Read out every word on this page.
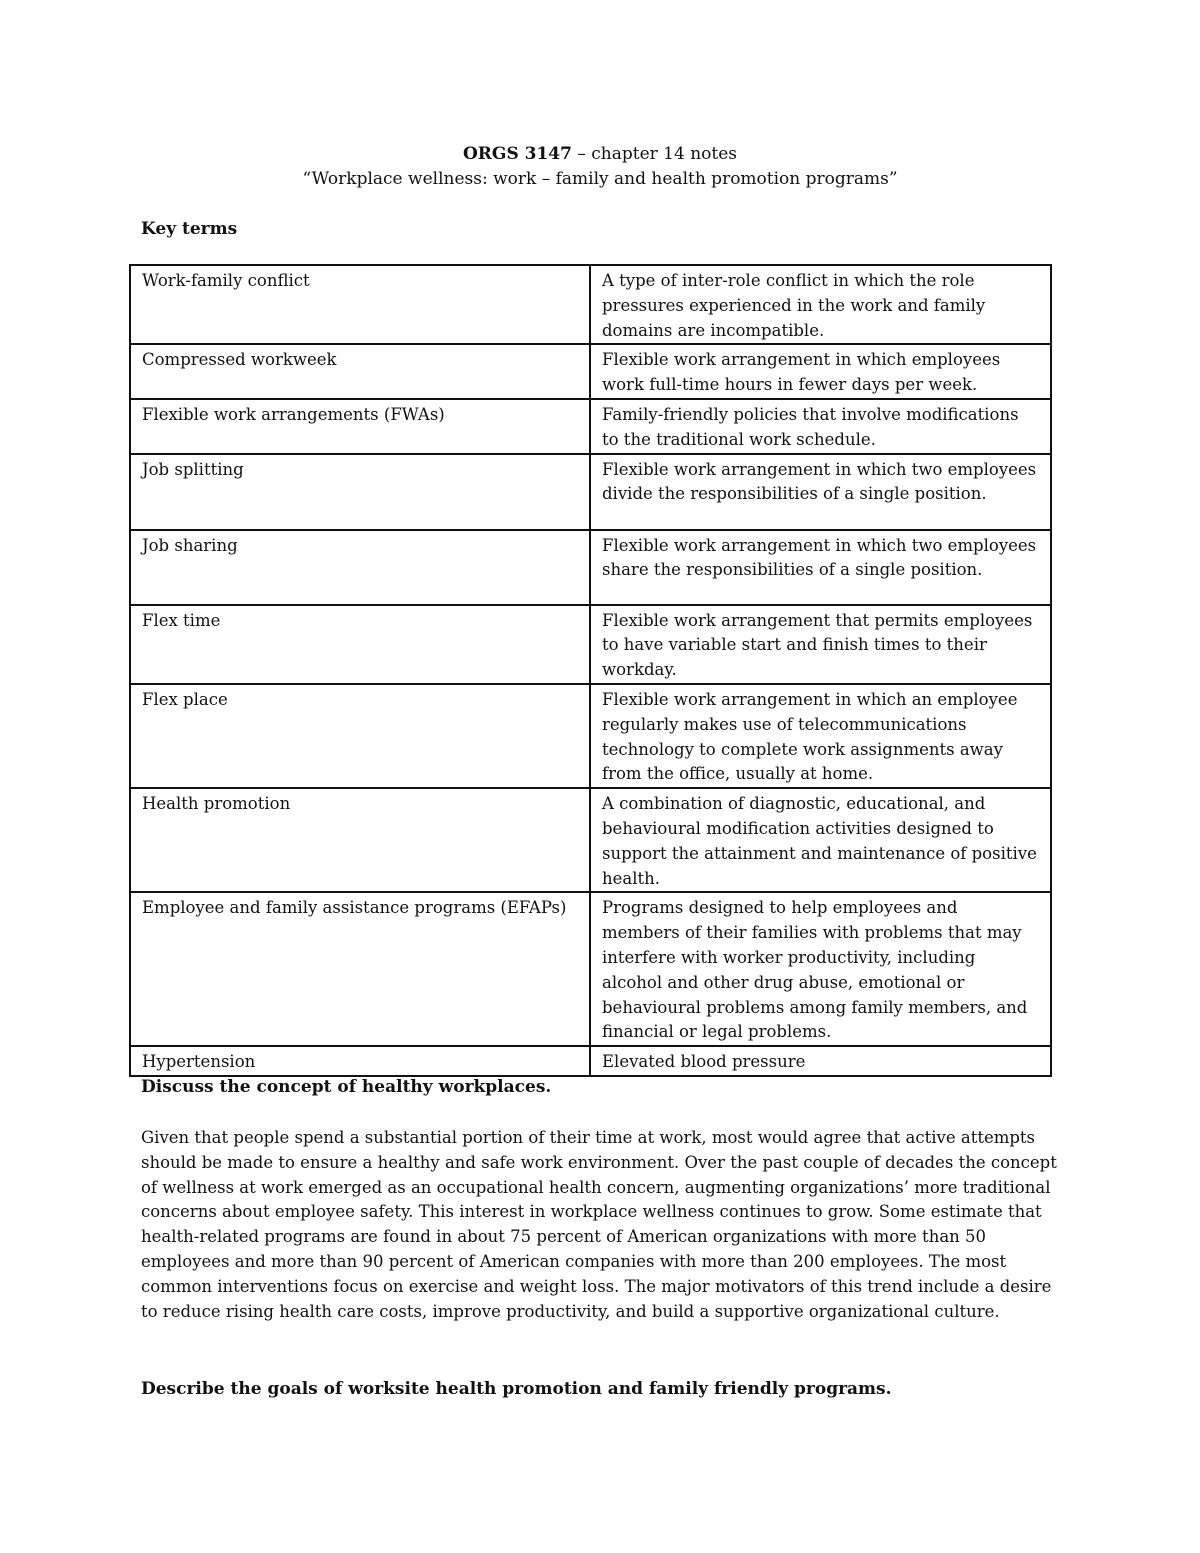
ORGS 3147 – chapter 14 notes
“Workplace wellness: work – family and health promotion programs”
Key terms
Work-family conflict	A type of inter-role conflict in which the role pressures experienced in the work and family domains are incompatible.
Compressed workweek	Flexible work arrangement in which employees work full-time hours in fewer days per week.
Flexible work arrangements (FWAs)	Family-friendly policies that involve modifications to the traditional work schedule.
Job splitting	Flexible work arrangement in which two employees divide the responsibilities of a single position.
Job sharing	Flexible work arrangement in which two employees share the responsibilities of a single position.
Flex time	Flexible work arrangement that permits employees to have variable start and finish times to their workday.
Flex place	Flexible work arrangement in which an employee regularly makes use of telecommunications technology to complete work assignments away from the office, usually at home.
Health promotion	A combination of diagnostic, educational, and behavioural modification activities designed to support the attainment and maintenance of positive health.
Employee and family assistance programs (EFAPs)	Programs designed to help employees and members of their families with problems that may interfere with worker productivity, including alcohol and other drug abuse, emotional or behavioural problems among family members, and financial or legal problems.
Hypertension	Elevated blood pressure
Discuss the concept of healthy workplaces.
Given that people spend a substantial portion of their time at work, most would agree that active attempts should be made to ensure a healthy and safe work environment. Over the past couple of decades the concept of wellness at work emerged as an occupational health concern, augmenting organizations’ more traditional concerns about employee safety. This interest in workplace wellness continues to grow. Some estimate that health-related programs are found in about 75 percent of American organizations with more than 50 employees and more than 90 percent of American companies with more than 200 employees. The most common interventions focus on exercise and weight loss. The major motivators of this trend include a desire to reduce rising health care costs, improve productivity, and build a supportive organizational culture.
Describe the goals of worksite health promotion and family friendly programs.
